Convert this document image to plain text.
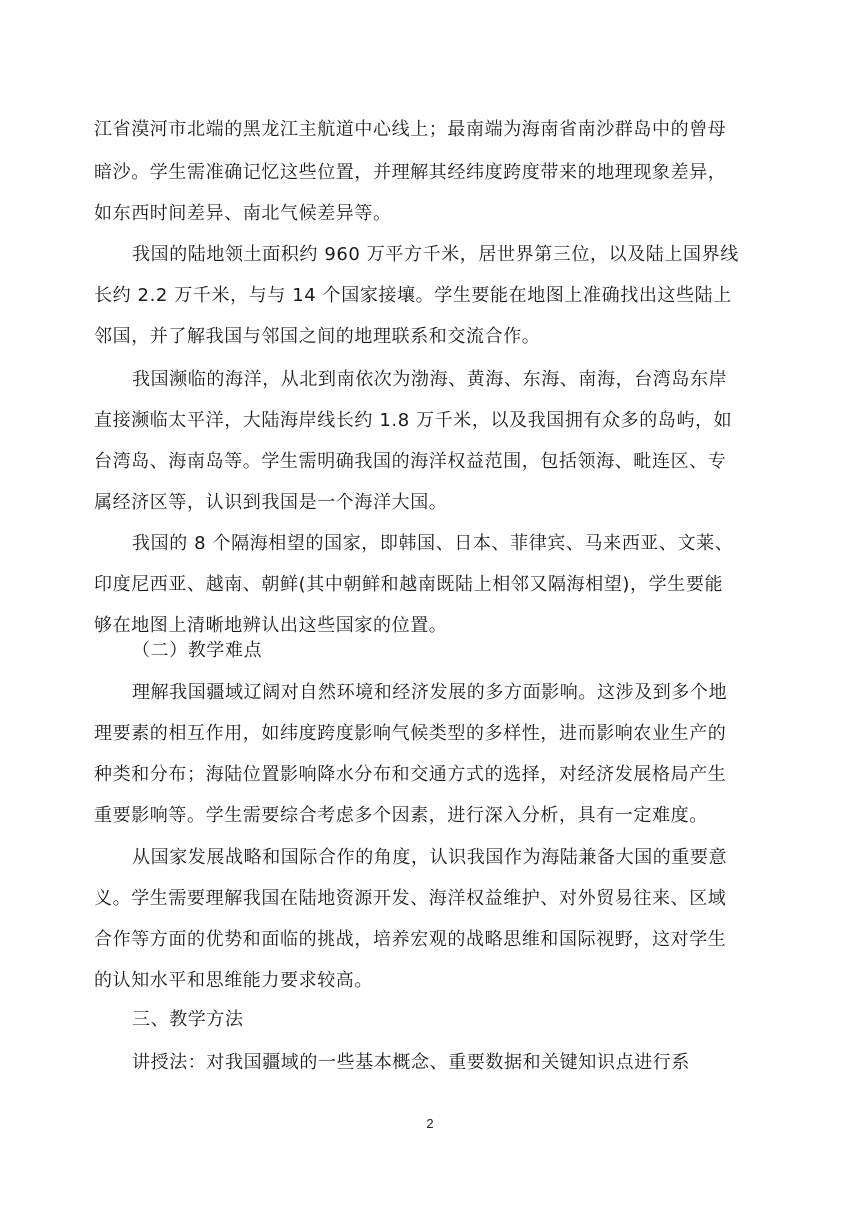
江省漠河市北端的黑龙江主航道中心线上；最南端为海南省南沙群岛中的曾母
暗沙。学生需准确记忆这些位置，并理解其经纬度跨度带来的地理现象差异，
如东西时间差异、南北气候差异等。
我国的陆地领土面积约 960 万平方千米，居世界第三位，以及陆上国界线
长约 2.2 万千米，与与 14 个国家接壤。学生要能在地图上准确找出这些陆上
邻国，并了解我国与邻国之间的地理联系和交流合作。
我国濒临的海洋，从北到南依次为渤海、黄海、东海、南海，台湾岛东岸
直接濒临太平洋，大陆海岸线长约 1.8 万千米，以及我国拥有众多的岛屿，如
台湾岛、海南岛等。学生需明确我国的海洋权益范围，包括领海、毗连区、专
属经济区等，认识到我国是一个海洋大国。
我国的 8 个隔海相望的国家，即韩国、日本、菲律宾、马来西亚、文莱、
印度尼西亚、越南、朝鲜(其中朝鲜和越南既陆上相邻又隔海相望)，学生要能
够在地图上清晰地辨认出这些国家的位置。
（二）教学难点
理解我国疆域辽阔对自然环境和经济发展的多方面影响。这涉及到多个地
理要素的相互作用，如纬度跨度影响气候类型的多样性，进而影响农业生产的
种类和分布；海陆位置影响降水分布和交通方式的选择，对经济发展格局产生
重要影响等。学生需要综合考虑多个因素，进行深入分析，具有一定难度。
从国家发展战略和国际合作的角度，认识我国作为海陆兼备大国的重要意
义。学生需要理解我国在陆地资源开发、海洋权益维护、对外贸易往来、区域
合作等方面的优势和面临的挑战，培养宏观的战略思维和国际视野，这对学生
的认知水平和思维能力要求较高。
三、教学方法
讲授法：对我国疆域的一些基本概念、重要数据和关键知识点进行系
2
